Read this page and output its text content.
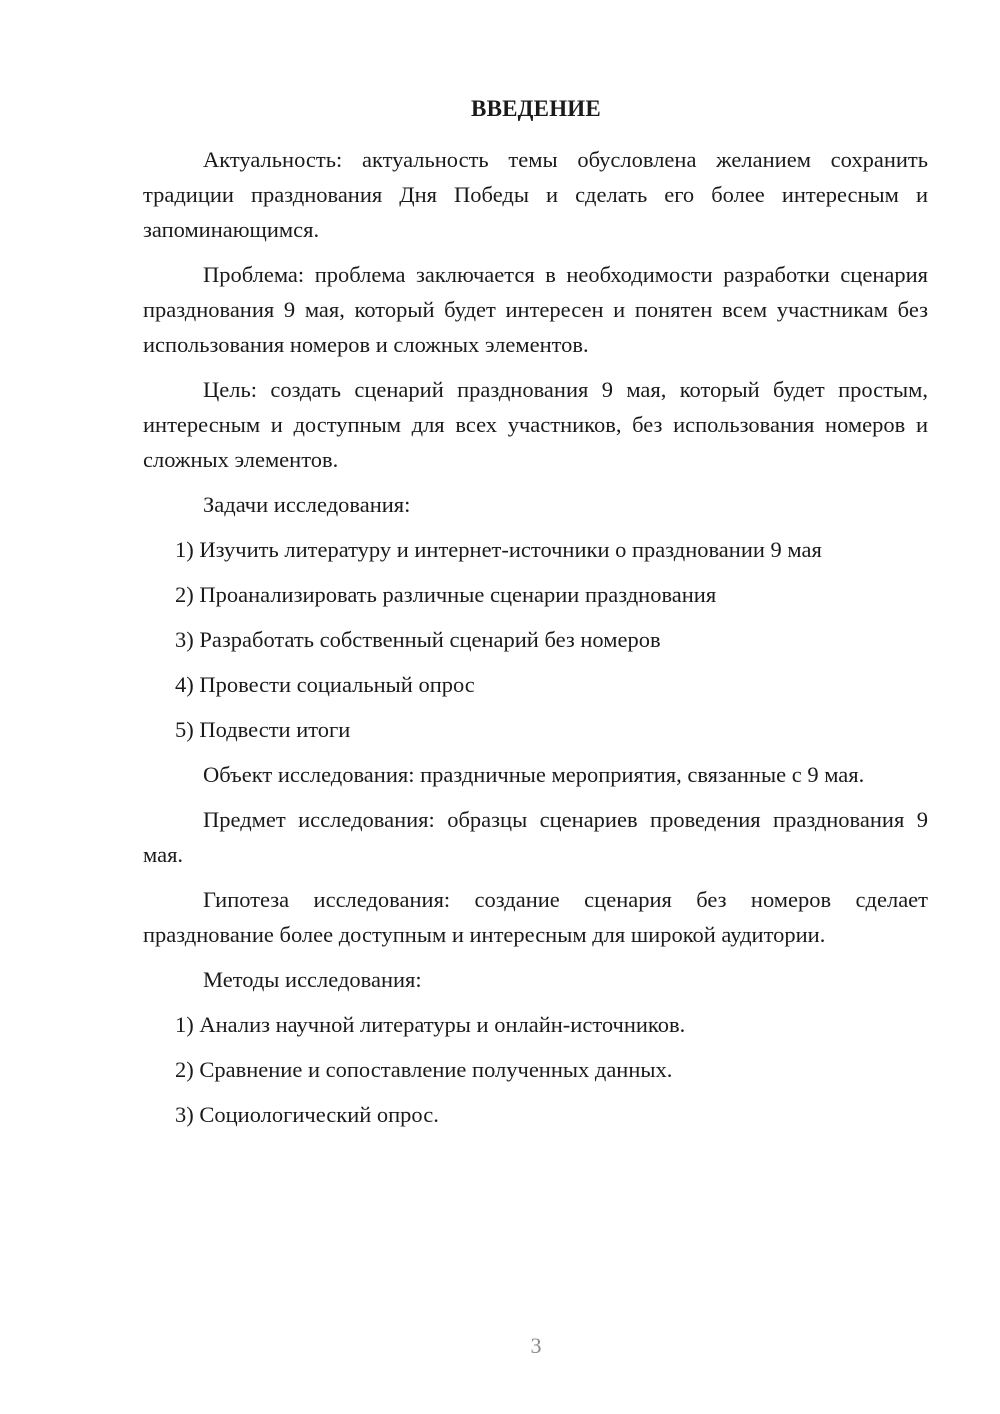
ВВЕДЕНИЕ

Актуальность: актуальность темы обусловлена желанием сохранить традиции празднования Дня Победы и сделать его более интересным и запоминающимся.

Проблема: проблема заключается в необходимости разработки сценария празднования 9 мая, который будет интересен и понятен всем участникам без использования номеров и сложных элементов.

Цель: создать сценарий празднования 9 мая, который будет простым, интересным и доступным для всех участников, без использования номеров и сложных элементов.

Задачи исследования:

1) Изучить литературу и интернет-источники о праздновании 9 мая

2) Проанализировать различные сценарии празднования

3) Разработать собственный сценарий без номеров

4) Провести социальный опрос

5) Подвести итоги

Объект исследования: праздничные мероприятия, связанные с 9 мая.

Предмет исследования: образцы сценариев проведения празднования 9 мая.

Гипотеза исследования: создание сценария без номеров сделает празднование более доступным и интересным для широкой аудитории.

Методы исследования:

1) Анализ научной литературы и онлайн-источников.

2) Сравнение и сопоставление полученных данных.

3) Социологический опрос.

3
